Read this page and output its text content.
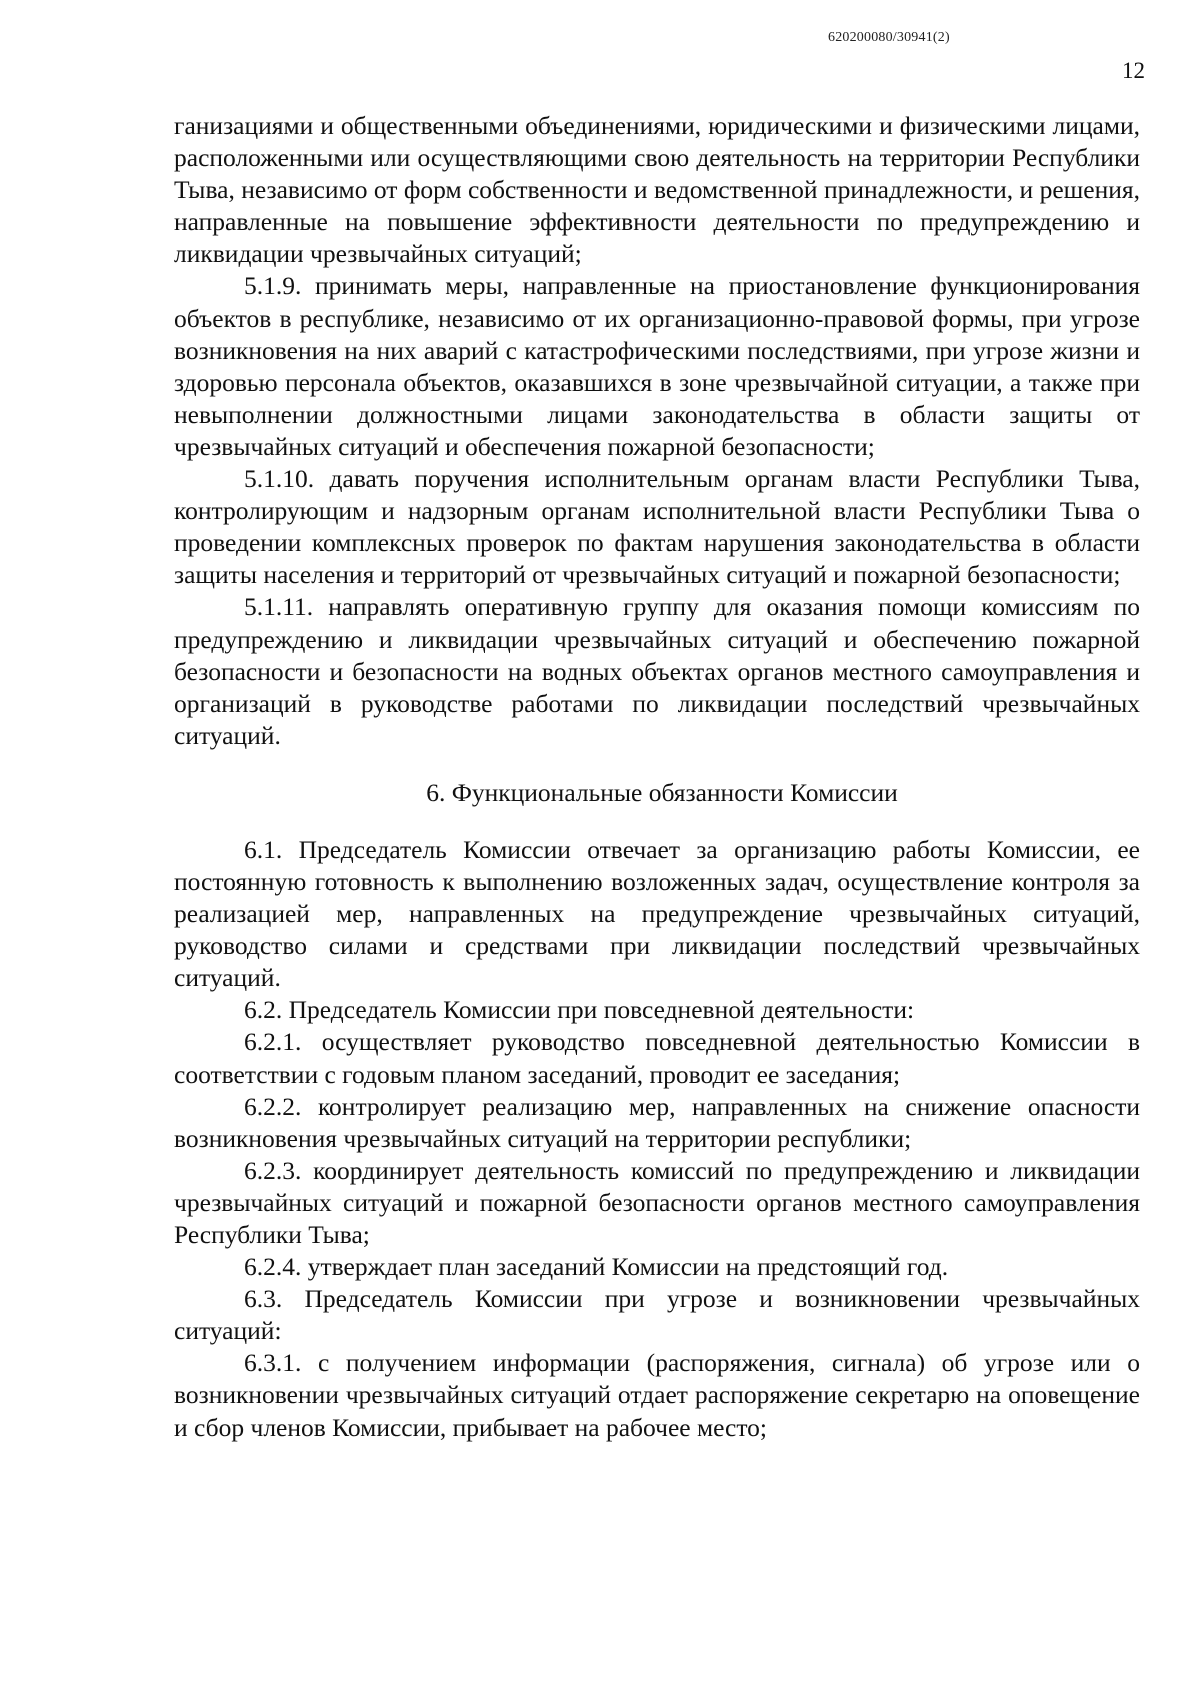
620200080/30941(2)
12

ганизациями и общественными объединениями, юридическими и физическими лицами, расположенными или осуществляющими свою деятельность на территории Республики Тыва, независимо от форм собственности и ведомственной принадлежности, и решения, направленные на повышение эффективности деятельности по предупреждению и ликвидации чрезвычайных ситуаций;

5.1.9. принимать меры, направленные на приостановление функционирования объектов в республике, независимо от их организационно-правовой формы, при угрозе возникновения на них аварий с катастрофическими последствиями, при угрозе жизни и здоровью персонала объектов, оказавшихся в зоне чрезвычайной ситуации, а также при невыполнении должностными лицами законодательства в области защиты от чрезвычайных ситуаций и обеспечения пожарной безопасности;

5.1.10. давать поручения исполнительным органам власти Республики Тыва, контролирующим и надзорным органам исполнительной власти Республики Тыва о проведении комплексных проверок по фактам нарушения законодательства в области защиты населения и территорий от чрезвычайных ситуаций и пожарной безопасности;

5.1.11. направлять оперативную группу для оказания помощи комиссиям по предупреждению и ликвидации чрезвычайных ситуаций и обеспечению пожарной безопасности и безопасности на водных объектах органов местного самоуправления и организаций в руководстве работами по ликвидации последствий чрезвычайных ситуаций.

6. Функциональные обязанности Комиссии

6.1. Председатель Комиссии отвечает за организацию работы Комиссии, ее постоянную готовность к выполнению возложенных задач, осуществление контроля за реализацией мер, направленных на предупреждение чрезвычайных ситуаций, руководство силами и средствами при ликвидации последствий чрезвычайных ситуаций.

6.2. Председатель Комиссии при повседневной деятельности:

6.2.1. осуществляет руководство повседневной деятельностью Комиссии в соответствии с годовым планом заседаний, проводит ее заседания;

6.2.2. контролирует реализацию мер, направленных на снижение опасности возникновения чрезвычайных ситуаций на территории республики;

6.2.3. координирует деятельность комиссий по предупреждению и ликвидации чрезвычайных ситуаций и пожарной безопасности органов местного самоуправления Республики Тыва;

6.2.4. утверждает план заседаний Комиссии на предстоящий год.

6.3. Председатель Комиссии при угрозе и возникновении чрезвычайных ситуаций:

6.3.1. с получением информации (распоряжения, сигнала) об угрозе или о возникновении чрезвычайных ситуаций отдает распоряжение секретарю на оповещение и сбор членов Комиссии, прибывает на рабочее место;
